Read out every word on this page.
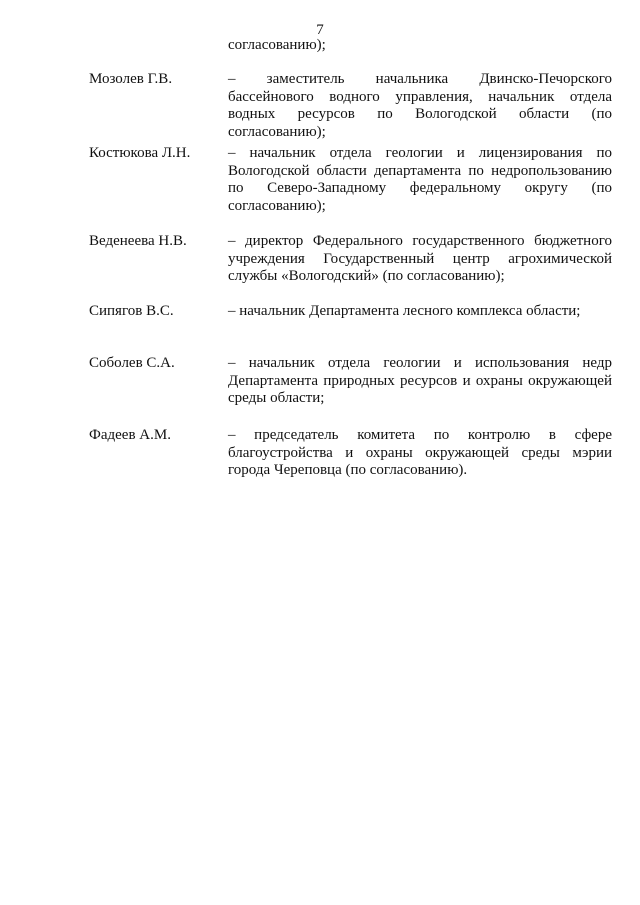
7
согласованию);
Мозолев Г.В.	– заместитель начальника Двинско-Печорского бассейнового водного управления, начальник отдела водных ресурсов по Вологодской области (по согласованию);
Костюкова Л.Н.	– начальник отдела геологии и лицензирования по Вологодской области департамента по недропользованию по Северо-Западному федеральному округу (по согласованию);
Веденеева Н.В.	– директор Федерального государственного бюджетного учреждения Государственный центр агрохимической службы «Вологодский» (по согласованию);
Сипягов В.С.	– начальник Департамента лесного комплекса области;
Соболев С.А.	– начальник отдела геологии и использования недр Департамента природных ресурсов и охраны окружающей среды области;
Фадеев А.М.	– председатель комитета по контролю в сфере благоустройства и охраны окружающей среды мэрии города Череповца (по согласованию).
